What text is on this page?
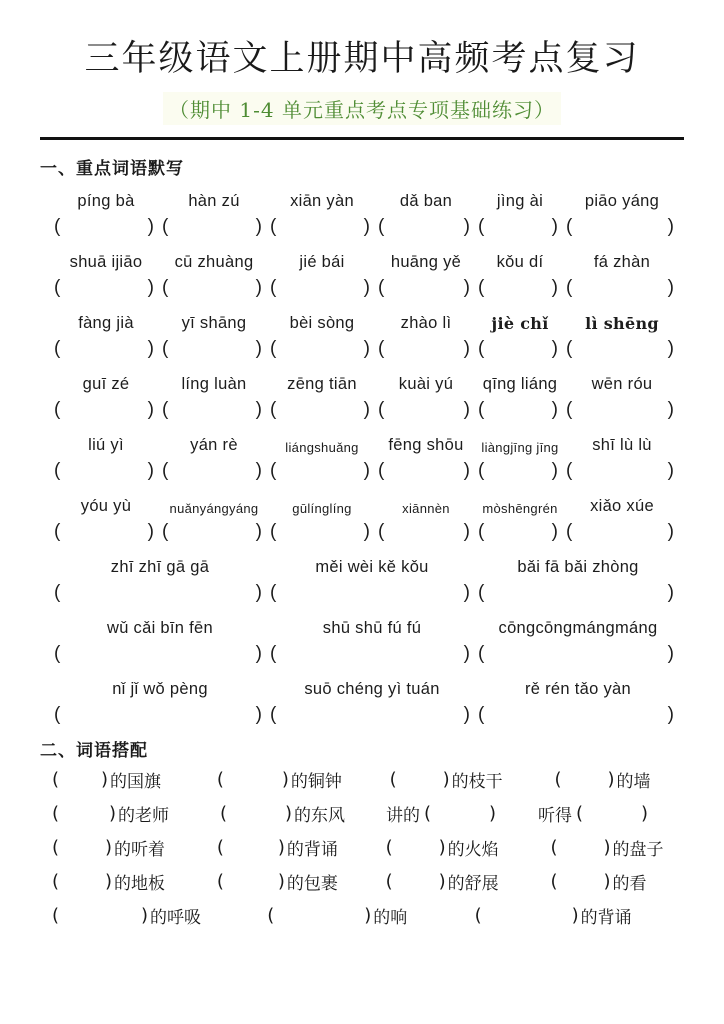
三年级语文上册期中高频考点复习
（期中 1-4 单元重点考点专项基础练习）
一、重点词语默写
píng bà	hàn zú	xiān yàn	dǎ ban	jìng ài	piāo yáng
(	) (	) (	) (	) (	) (	)
shuā ijiāo	cū zhuàng	jié bái	huāng yě	kǒu dí	fá zhàn
(	) (	) (	) (	) (	) (	)
fàng jià	yī shāng	bèi sòng	zhào lì	jiè chǐ	lì shēng
(	) (	) (	) (	) (	) (	)
guī zé	líng luàn	zēng tiān	kuài yú	qīng liáng	wēn róu
(	) (	) (	) (	) (	) (	)
liú yì	yán rè	liángshuǎng	fēng shōu	liàngjīng jīng	shī lù lù
(	) (	) (	) (	) (	) (	)
yóu yù	nuǎnyángyáng	gūlínglíng	xiānnèn	mòshēngrén	xiǎo xúe
(	) (	) (	) (	) (	) (	)
zhī zhī gā gā	měi wèi kě kǒu	bǎi fā bǎi zhòng
(	) (	) (	)
wǔ cǎi bīn fēn	shū shū fú fú	cōngcōngmángmáng
(	) (	) (	)
nǐ jǐ wǒ pèng	suō chéng yì tuán	rě rén tǎo yàn
(	) (	) (	)
二、词语搭配
( ) 的国旗	(	) 的铜钟	(	) 的枝干	(	) 的墙
(	) 的老师	(	) 的东风 讲的 (	) 听得 (	)
(	) 的听着	(	) 的背诵	(	) 的火焰	(	) 的盘子
(	) 的地板	(	) 的包裹	(	) 的舒展	(	) 的看
(	) 的呼吸	(	) 的响	(	) 的背诵
